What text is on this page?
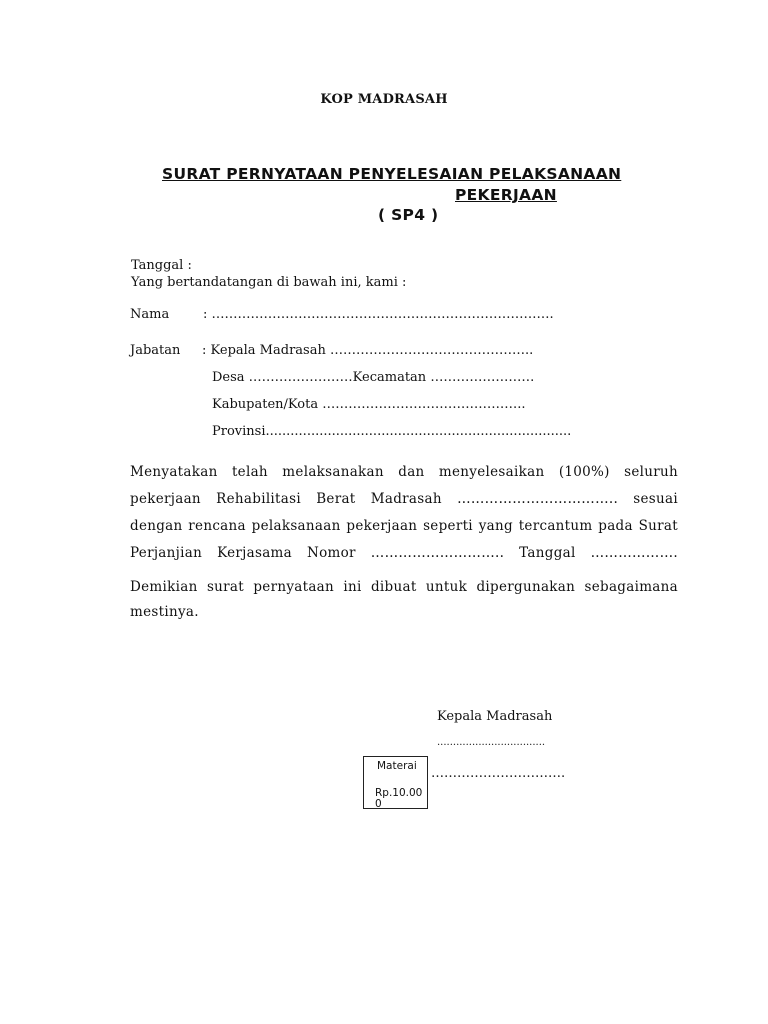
KOP MADRASAH
SURAT PERNYATAAN PENYELESAIAN PELAKSANAAN
PEKERJAAN
( SP4 )
Tanggal :
Yang bertandatangan di bawah ini, kami :
Nama	: …………………………………………………………………….
Jabatan : Kepala Madrasah ………………………………………..
Desa ……………………Kecamatan ……………………
Kabupaten/Kota ………………………………………..
Provinsi..........................................................................
Menyatakan telah melaksanakan dan menyelesaikan (100%) seluruh pekerjaan Rehabilitasi Berat Madrasah …………………………….. sesuai dengan rencana pelaksanaan pekerjaan seperti yang tercantum pada Surat Perjanjian Kerjasama Nomor ……………………….. Tanggal ……………….
Demikian surat pernyataan ini dibuat untuk dipergunakan sebagaimana
mestinya.
Kepala Madrasah
..................................
Materai
Rp.10.000
………………………….
